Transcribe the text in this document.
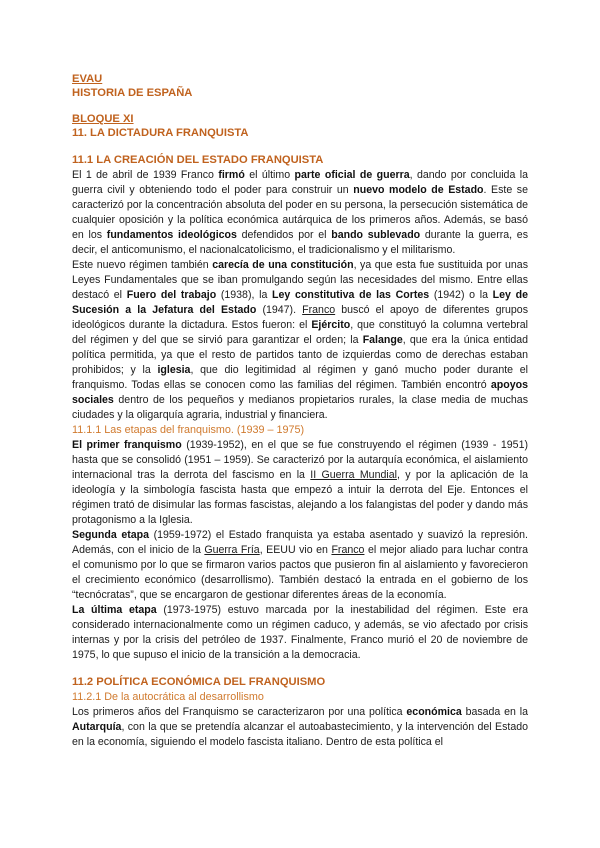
EVAU
HISTORIA DE ESPAÑA
BLOQUE XI
11. LA DICTADURA FRANQUISTA
11.1 LA CREACIÓN DEL ESTADO FRANQUISTA

El 1 de abril de 1939 Franco firmó el último parte oficial de guerra, dando por concluida la guerra civil y obteniendo todo el poder para construir un nuevo modelo de Estado. Este se caracterizó por la concentración absoluta del poder en su persona, la persecución sistemática de cualquier oposición y la política económica autárquica de los primeros años. Además, se basó en los fundamentos ideológicos defendidos por el bando sublevado durante la guerra, es decir, el anticomunismo, el nacionalcatolicismo, el tradicionalismo y el militarismo.

Este nuevo régimen también carecía de una constitución, ya que esta fue sustituida por unas Leyes Fundamentales que se iban promulgando según las necesidades del mismo. Entre ellas destacó el Fuero del trabajo (1938), la Ley constitutiva de las Cortes (1942) o la Ley de Sucesión a la Jefatura del Estado (1947). Franco buscó el apoyo de diferentes grupos ideológicos durante la dictadura. Estos fueron: el Ejército, que constituyó la columna vertebral del régimen y del que se sirvió para garantizar el orden; la Falange, que era la única entidad política permitida, ya que el resto de partidos tanto de izquierdas como de derechas estaban prohibidos; y la iglesia, que dio legitimidad al régimen y ganó mucho poder durante el franquismo. Todas ellas se conocen como las familias del régimen. También encontró apoyos sociales dentro de los pequeños y medianos propietarios rurales, la clase media de muchas ciudades y la oligarquía agraria, industrial y financiera.

11.1.1 Las etapas del franquismo. (1939 – 1975)

El primer franquismo (1939-1952), en el que se fue construyendo el régimen (1939 - 1951) hasta que se consolidó (1951 – 1959). Se caracterizó por la autarquía económica, el aislamiento internacional tras la derrota del fascismo en la II Guerra Mundial, y por la aplicación de la ideología y la simbología fascista hasta que empezó a intuir la derrota del Eje. Entonces el régimen trató de disimular las formas fascistas, alejando a los falangistas del poder y dando más protagonismo a la Iglesia.

Segunda etapa (1959-1972) el Estado franquista ya estaba asentado y suavizó la represión. Además, con el inicio de la Guerra Fría, EEUU vio en Franco el mejor aliado para luchar contra el comunismo por lo que se firmaron varios pactos que pusieron fin al aislamiento y favorecieron el crecimiento económico (desarrollismo). También destacó la entrada en el gobierno de los “tecnócratas”, que se encargaron de gestionar diferentes áreas de la economía.

La última etapa (1973-1975) estuvo marcada por la inestabilidad del régimen. Este era considerado internacionalmente como un régimen caduco, y además, se vio afectado por crisis internas y por la crisis del petróleo de 1937. Finalmente, Franco murió el 20 de noviembre de 1975, lo que supuso el inicio de la transición a la democracia.

11.2 POLÍTICA ECONÓMICA DEL FRANQUISMO
11.2.1 De la autocrática al desarrollismo

Los primeros años del Franquismo se caracterizaron por una política económica basada en la Autarquía, con la que se pretendía alcanzar el autoabastecimiento, y la intervención del Estado en la economía, siguiendo el modelo fascista italiano. Dentro de esta política el
